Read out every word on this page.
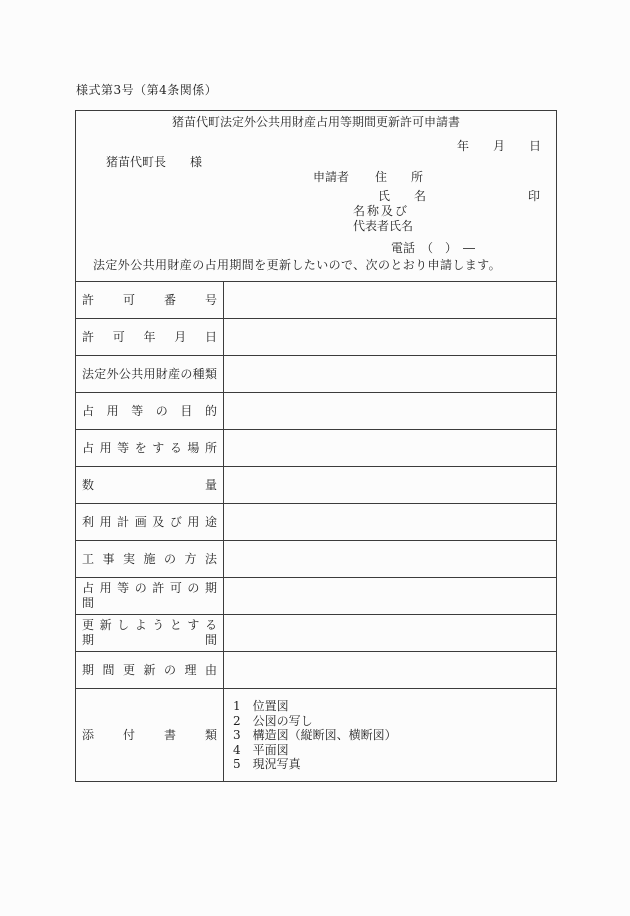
様式第3号（第4条関係）
猪苗代町法定外公共用財産占用等期間更新許可申請書
年　　月　　日
猪苗代町長　　様
申請者 住　　所
氏　　名	印
名称及び
代表者氏名
電話　（　）　―
法定外公共用財産の占用期間を更新したいので、次のとおり申請します。
許 可 番 号
許 可 年 月 日
法定外公共用財産の種類
占 用 等 の 目 的
占 用 等 を す る 場 所
数 量
利 用 計 画 及 び 用 途
工 事 実 施 の 方 法
占 用 等 の 許 可 の 期 間
更 新 し よ う と す る 期 間
期 間 更 新 の 理 由
添 付 書 類
1　位置図
2　公図の写し
3　構造図（縦断図、横断図）
4　平面図
5　現況写真
